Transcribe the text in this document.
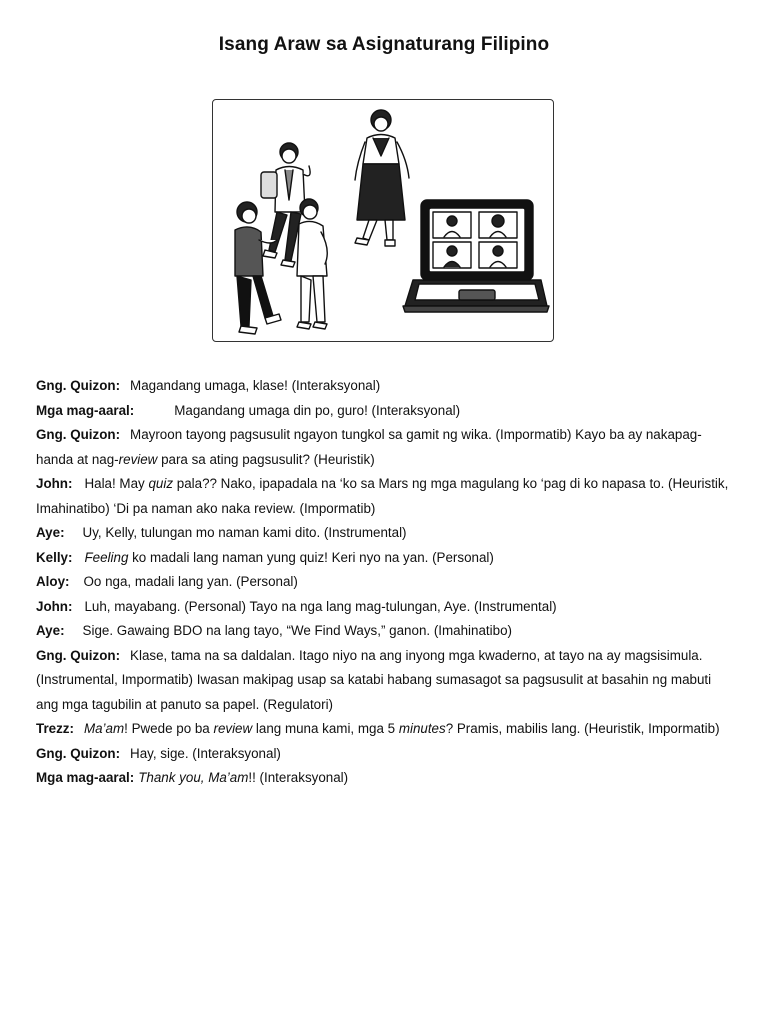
Isang Araw sa Asignaturang Filipino

Gng. Quizon: Magandang umaga, klase! (Interaksyonal)

Mga mag-aaral:	Magandang umaga din po, guro! (Interaksyonal)

Gng. Quizon: Mayroon tayong pagsusulit ngayon tungkol sa gamit ng wika. (Impormatib) Kayo ba ay nakapag-handa at nag-review para sa ating pagsusulit? (Heuristik)

John: Hala! May quiz pala?? Nako, ipapadala na ‘ko sa Mars ng mga magulang ko ‘pag di ko napasa to. (Heuristik, Imahinatibo) ‘Di pa naman ako naka review. (Impormatib)

Aye: Uy, Kelly, tulungan mo naman kami dito. (Instrumental)

Kelly: Feeling ko madali lang naman yung quiz! Keri nyo na yan. (Personal)

Aloy: Oo nga, madali lang yan. (Personal)

John: Luh, mayabang. (Personal) Tayo na nga lang mag-tulungan, Aye. (Instrumental)

Aye: Sige. Gawaing BDO na lang tayo, “We Find Ways,” ganon. (Imahinatibo)

Gng. Quizon: Klase, tama na sa daldalan. Itago niyo na ang inyong mga kwaderno, at tayo na ay magsisimula. (Instrumental, Impormatib) Iwasan makipag usap sa katabi habang sumasagot sa pagsusulit at basahin ng mabuti ang mga tagubilin at panuto sa papel. (Regulatori)

Trezz: Ma’am! Pwede po ba review lang muna kami, mga 5 minutes? Pramis, mabilis lang. (Heuristik, Impormatib)

Gng. Quizon: Hay, sige. (Interaksyonal)

Mga mag-aaral: Thank you, Ma’am!! (Interaksyonal)
